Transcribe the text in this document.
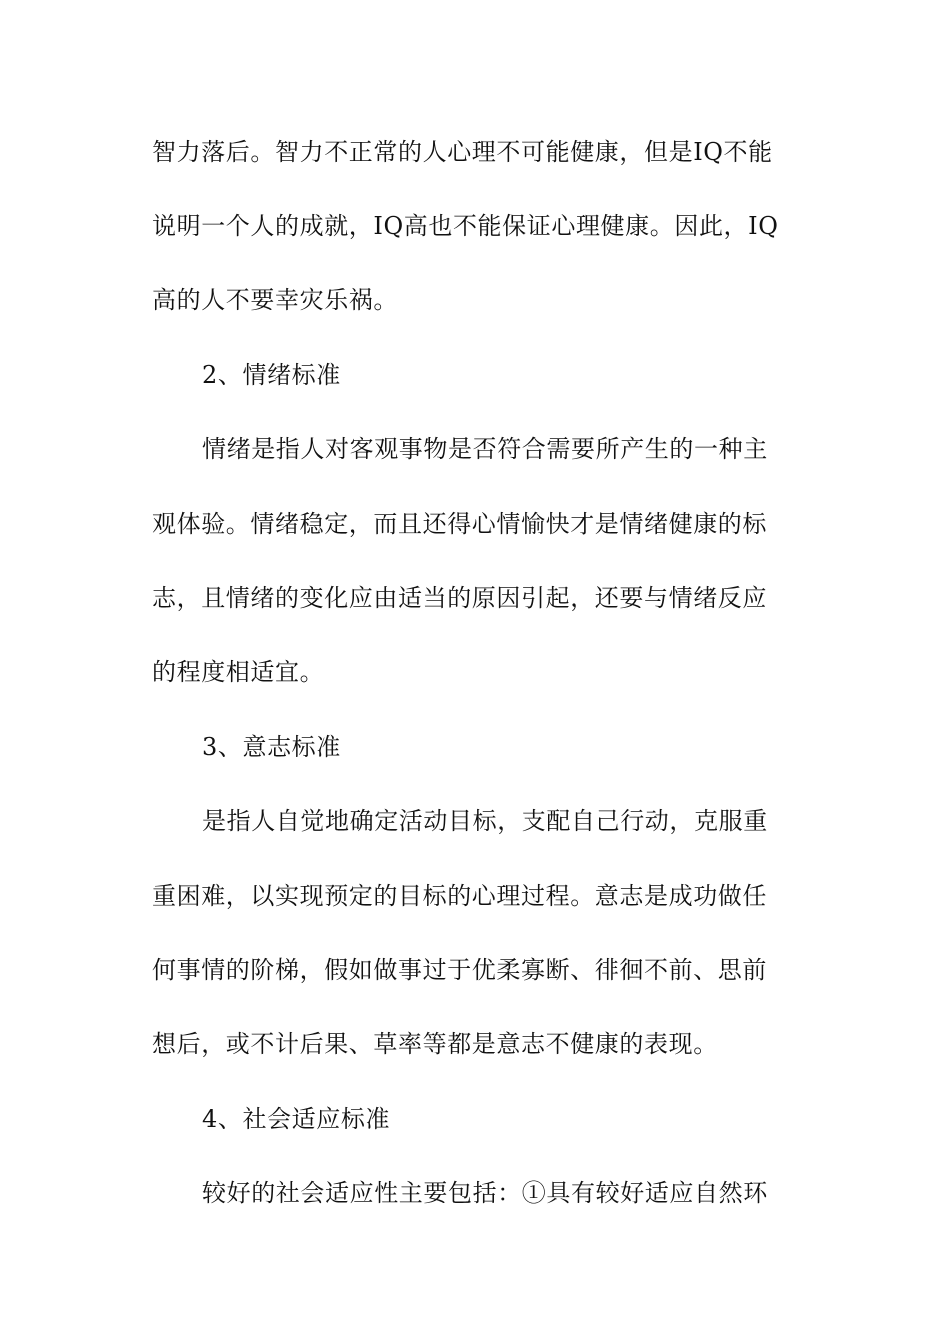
智力落后。智力不正常的人心理不可能健康，但是IQ不能
说明一个人的成就，IQ高也不能保证心理健康。因此，IQ
高的人不要幸灾乐祸。
2、情绪标准
情绪是指人对客观事物是否符合需要所产生的一种主
观体验。情绪稳定，而且还得心情愉快才是情绪健康的标
志，且情绪的变化应由适当的原因引起，还要与情绪反应
的程度相适宜。
3、意志标准
是指人自觉地确定活动目标，支配自己行动，克服重
重困难，以实现预定的目标的心理过程。意志是成功做任
何事情的阶梯，假如做事过于优柔寡断、徘徊不前、思前
想后，或不计后果、草率等都是意志不健康的表现。
4、社会适应标准
较好的社会适应性主要包括：①具有较好适应自然环
